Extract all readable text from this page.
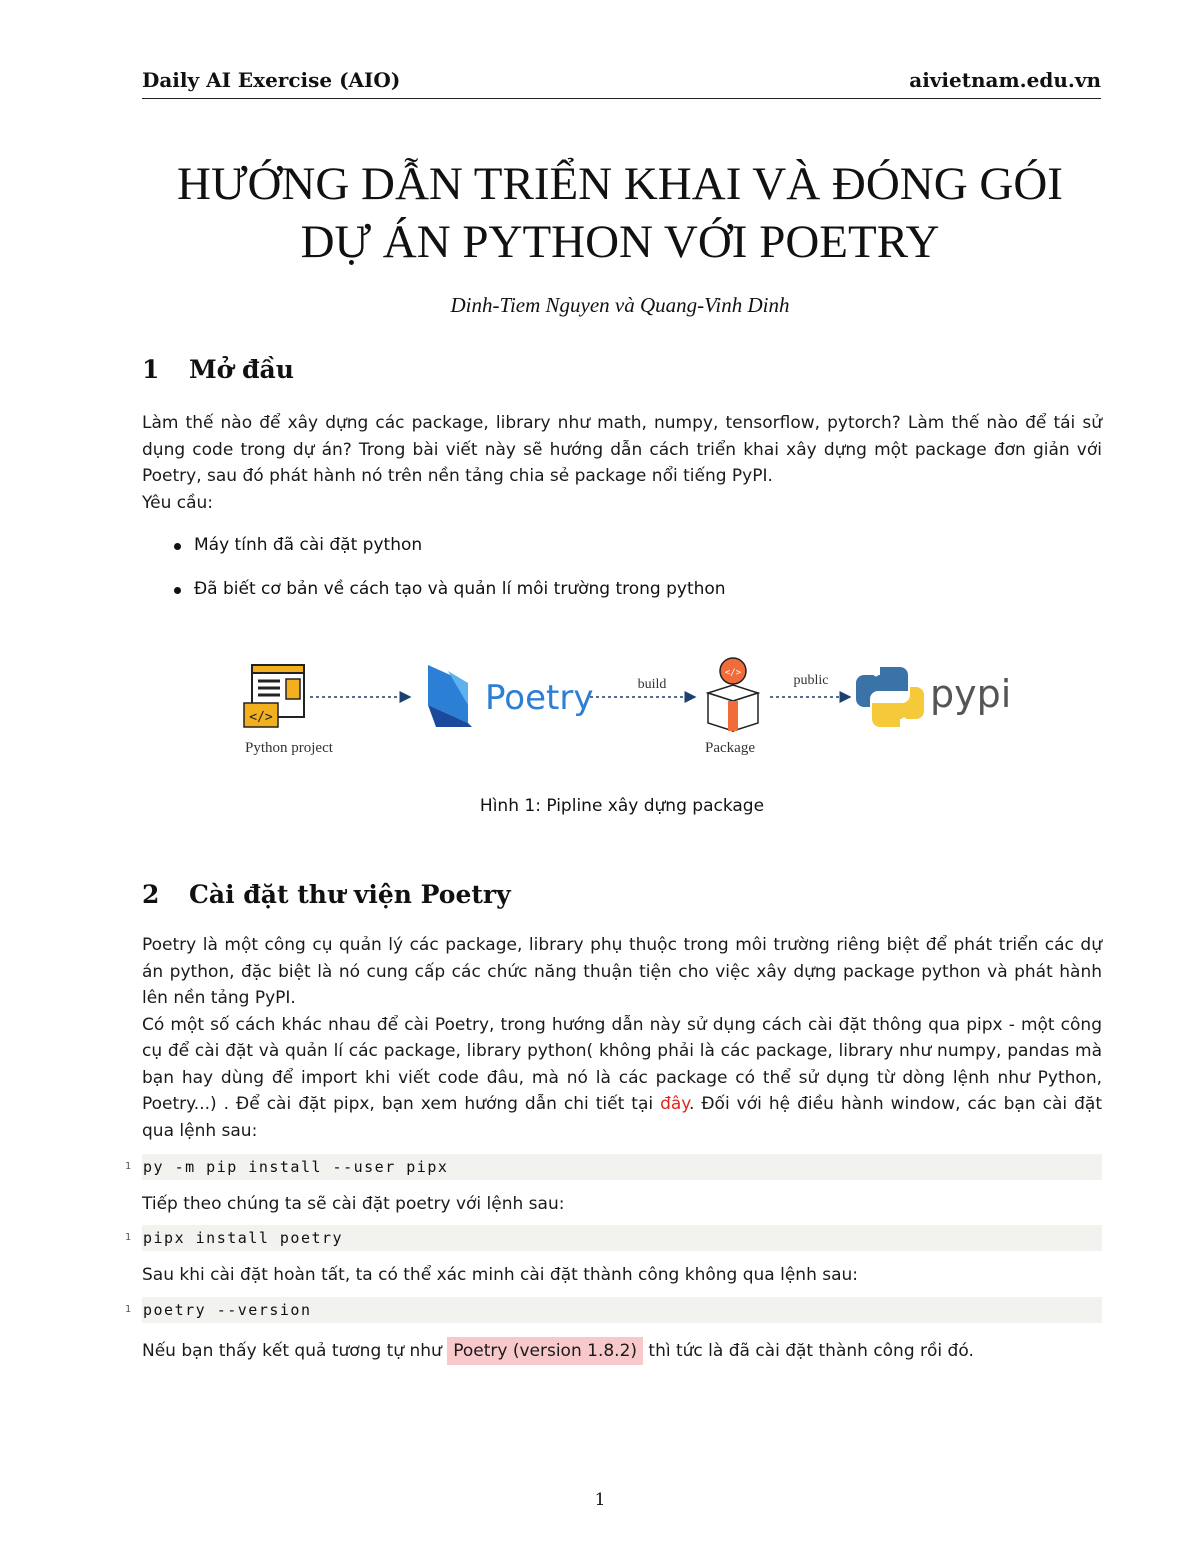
Daily AI Exercise (AIO)	aivietnam.edu.vn
HƯỚNG DẪN TRIỂN KHAI VÀ ĐÓNG GÓI
DỰ ÁN PYTHON VỚI POETRY
Dinh-Tiem Nguyen và Quang-Vinh Dinh
1 Mở đầu
Làm thế nào để xây dựng các package, library như math, numpy, tensorflow, pytorch? Làm thế nào để tái sử dụng code trong dự án? Trong bài viết này sẽ hướng dẫn cách triển khai xây dựng một package đơn giản với Poetry, sau đó phát hành nó trên nền tảng chia sẻ package nổi tiếng PyPI.
Yêu cầu:
Máy tính đã cài đặt python
Đã biết cơ bản về cách tạo và quản lí môi trường trong python
</>	Poetry	build
</>	public	pypi
Python project	Package
Hình 1: Pipline xây dựng package
2 Cài đặt thư viện Poetry
Poetry là một công cụ quản lý các package, library phụ thuộc trong môi trường riêng biệt để phát triển các dự án python, đặc biệt là nó cung cấp các chức năng thuận tiện cho việc xây dựng package python và phát hành lên nền tảng PyPI.
Có một số cách khác nhau để cài Poetry, trong hướng dẫn này sử dụng cách cài đặt thông qua pipx - một công cụ để cài đặt và quản lí các package, library python( không phải là các package, library như numpy, pandas mà bạn hay dùng để import khi viết code đâu, mà nó là các package có thể sử dụng từ dòng lệnh như Python, Poetry...) . Để cài đặt pipx, bạn xem hướng dẫn chi tiết tại đây. Đối với hệ điều hành window, các bạn cài đặt qua lệnh sau:
1 py -m pip install --user pipx
Tiếp theo chúng ta sẽ cài đặt poetry với lệnh sau:
1 pipx install poetry
Sau khi cài đặt hoàn tất, ta có thể xác minh cài đặt thành công không qua lệnh sau:
1 poetry --version
Nếu bạn thấy kết quả tương tự như Poetry (version 1.8.2) thì tức là đã cài đặt thành công rồi đó.
1
